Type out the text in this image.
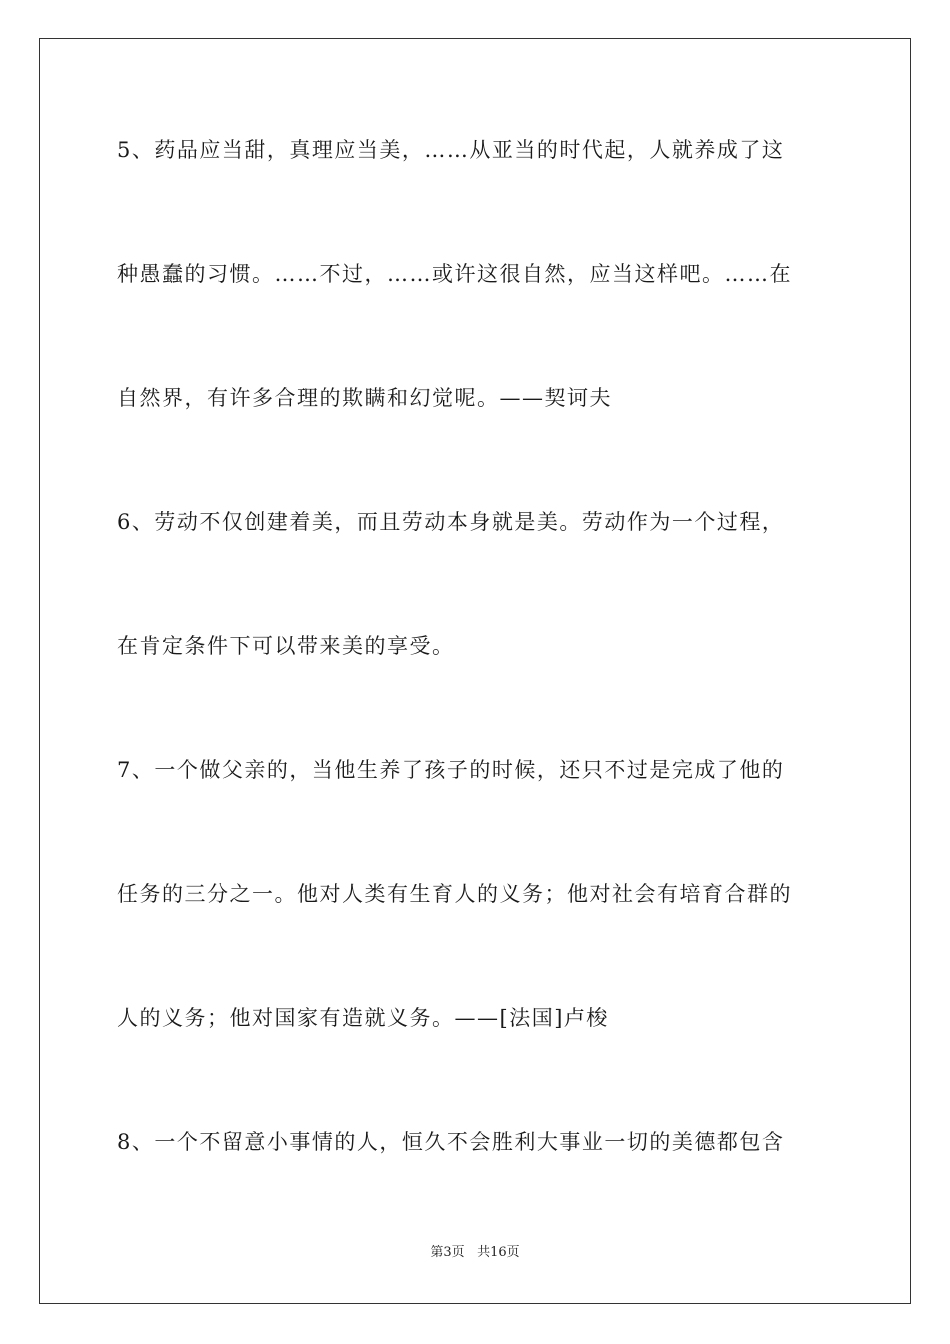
5、药品应当甜，真理应当美，……从亚当的时代起，人就养成了这
种愚蠢的习惯。……不过，……或许这很自然，应当这样吧。……在
自然界，有许多合理的欺瞒和幻觉呢。——契诃夫
6、劳动不仅创建着美，而且劳动本身就是美。劳动作为一个过程，
在肯定条件下可以带来美的享受。
7、一个做父亲的，当他生养了孩子的时候，还只不过是完成了他的
任务的三分之一。他对人类有生育人的义务；他对社会有培育合群的
人的义务；他对国家有造就义务。——[法国]卢梭
8、一个不留意小事情的人，恒久不会胜利大事业一切的美德都包含
第3页 共16页
